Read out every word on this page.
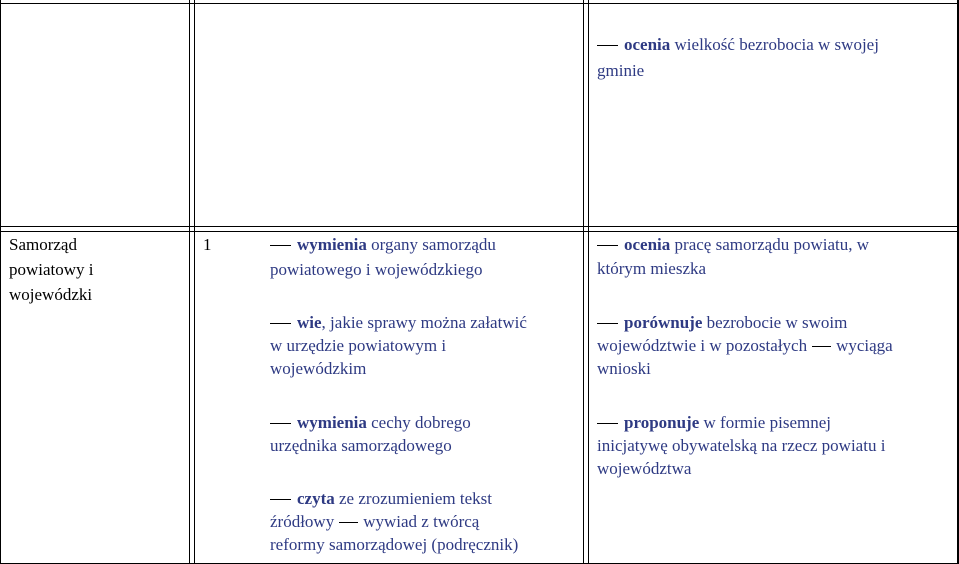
ocenia wielkość bezrobocia w swojej
gminie
Samorząd
powiatowy i
wojewódzki
1	wymienia organy samorządu
powiatowego i wojewódzkiego
wie, jakie sprawy można załatwić
w urzędzie powiatowym i
wojewódzkim
wymienia cechy dobrego
urzędnika samorządowego
czyta ze zrozumieniem tekst
źródłowy wywiad z twórcą
reformy samorządowej (podręcznik)
ocenia pracę samorządu powiatu, w
którym mieszka
porównuje bezrobocie w swoim
województwie i w pozostałych wyciąga
wnioski
proponuje w formie pisemnej
inicjatywę obywatelską na rzecz powiatu i
województwa
